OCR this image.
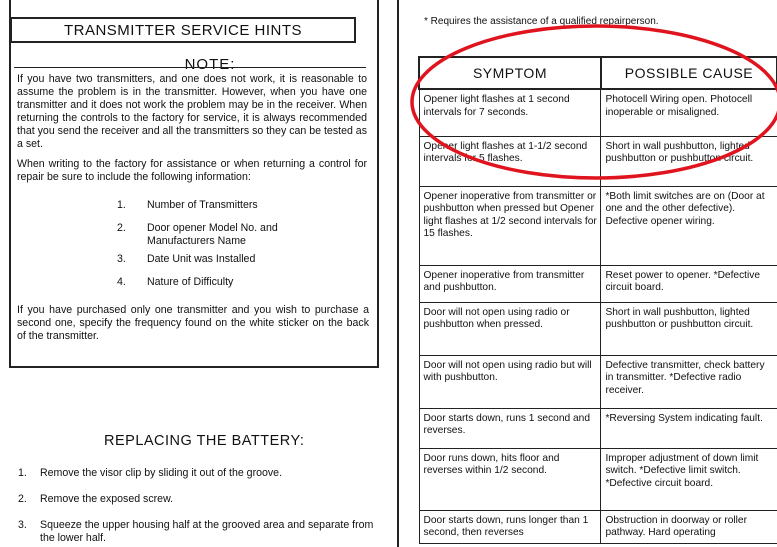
TRANSMITTER SERVICE HINTS
NOTE:
If you have two transmitters, and one does not work, it is reasonable to assume the problem is in the transmitter. However, when you have one transmitter and it does not work the problem may be in the receiver. When returning the controls to the factory for service, it is always recommended that you send the receiver and all the transmitters so they can be tested as a set.
When writing to the factory for assistance or when returning a control for repair be sure to include the following information:
1.	Number of Transmitters
2.	Door opener Model No. and Manufacturers Name
3.	Date Unit was Installed
4.	Nature of Difficulty
If you have purchased only one transmitter and you wish to purchase a second one, specify the frequency found on the white sticker on the back of the transmitter.
REPLACING THE BATTERY:
1. Remove the visor clip by sliding it out of the groove.
2. Remove the exposed screw.
3. Squeeze the upper housing half at the grooved area and separate from the lower half.
* Requires the assistance of a qualified repairperson.
SYMPTOM	POSSIBLE CAUSE
Opener light flashes at 1 second intervals for 7 seconds.	Photocell Wiring open. Photocell inoperable or misaligned.
Opener light flashes at 1-1/2 second intervals for 5 flashes.	Short in wall pushbutton, lighted pushbutton or pushbutton circuit.
Opener inoperative from transmitter or pushbutton when pressed but Opener light flashes at 1/2 second intervals for 15 flashes.	*Both limit switches are on (Door at one and the other defective). Defective opener wiring.
Opener inoperative from transmitter and pushbutton.	Reset power to opener. *Defective circuit board.
Door will not open using radio or pushbutton when pressed.	Short in wall pushbutton, lighted pushbutton or pushbutton circuit.
Door will not open using radio but will with pushbutton.	Defective transmitter, check battery in transmitter. *Defective radio receiver.
Door starts down, runs 1 second and reverses.	*Reversing System indicating fault.
Door runs down, hits floor and reverses within 1/2 second.	Improper adjustment of down limit switch. *Defective limit switch. *Defective circuit board.
Door starts down, runs longer than 1 second, then reverses	Obstruction in doorway or roller pathway. Hard operating
